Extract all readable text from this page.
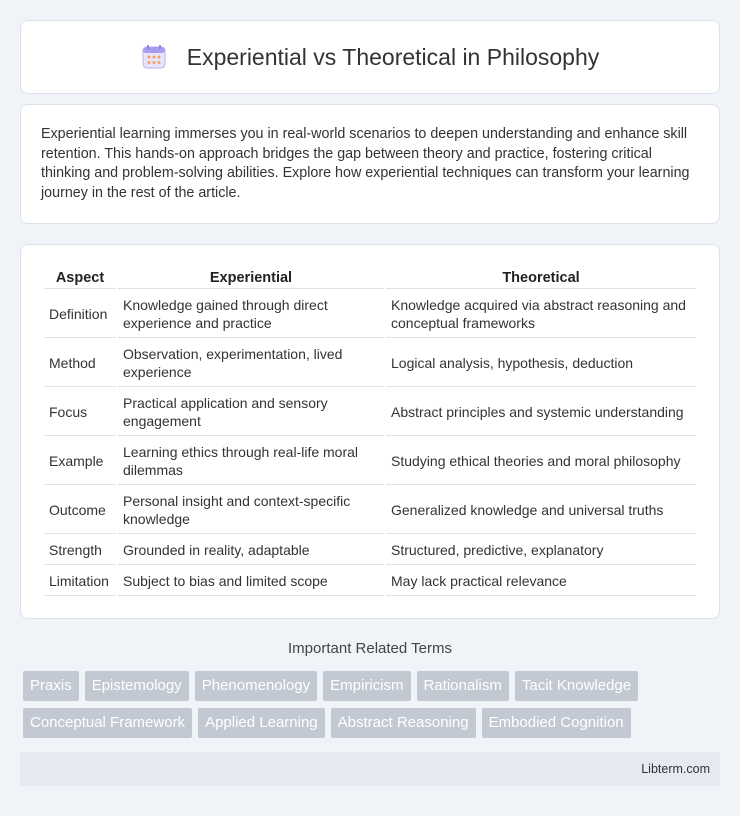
Experiential vs Theoretical in Philosophy

Experiential learning immerses you in real-world scenarios to deepen understanding and enhance skill retention. This hands-on approach bridges the gap between theory and practice, fostering critical thinking and problem-solving abilities. Explore how experiential techniques can transform your learning journey in the rest of the article.

Aspect	Experiential	Theoretical
Definition	Knowledge gained through direct experience and practice	Knowledge acquired via abstract reasoning and conceptual frameworks
Method	Observation, experimentation, lived experience	Logical analysis, hypothesis, deduction
Focus	Practical application and sensory engagement	Abstract principles and systemic understanding
Example	Learning ethics through real-life moral dilemmas	Studying ethical theories and moral philosophy
Outcome	Personal insight and context-specific knowledge	Generalized knowledge and universal truths
Strength	Grounded in reality, adaptable	Structured, predictive, explanatory
Limitation	Subject to bias and limited scope	May lack practical relevance
Important Related Terms
Praxis	Epistemology	Phenomenology	Empiricism	Rationalism	Tacit Knowledge
Conceptual Framework	Applied Learning	Abstract Reasoning	Embodied Cognition
Libterm.com
